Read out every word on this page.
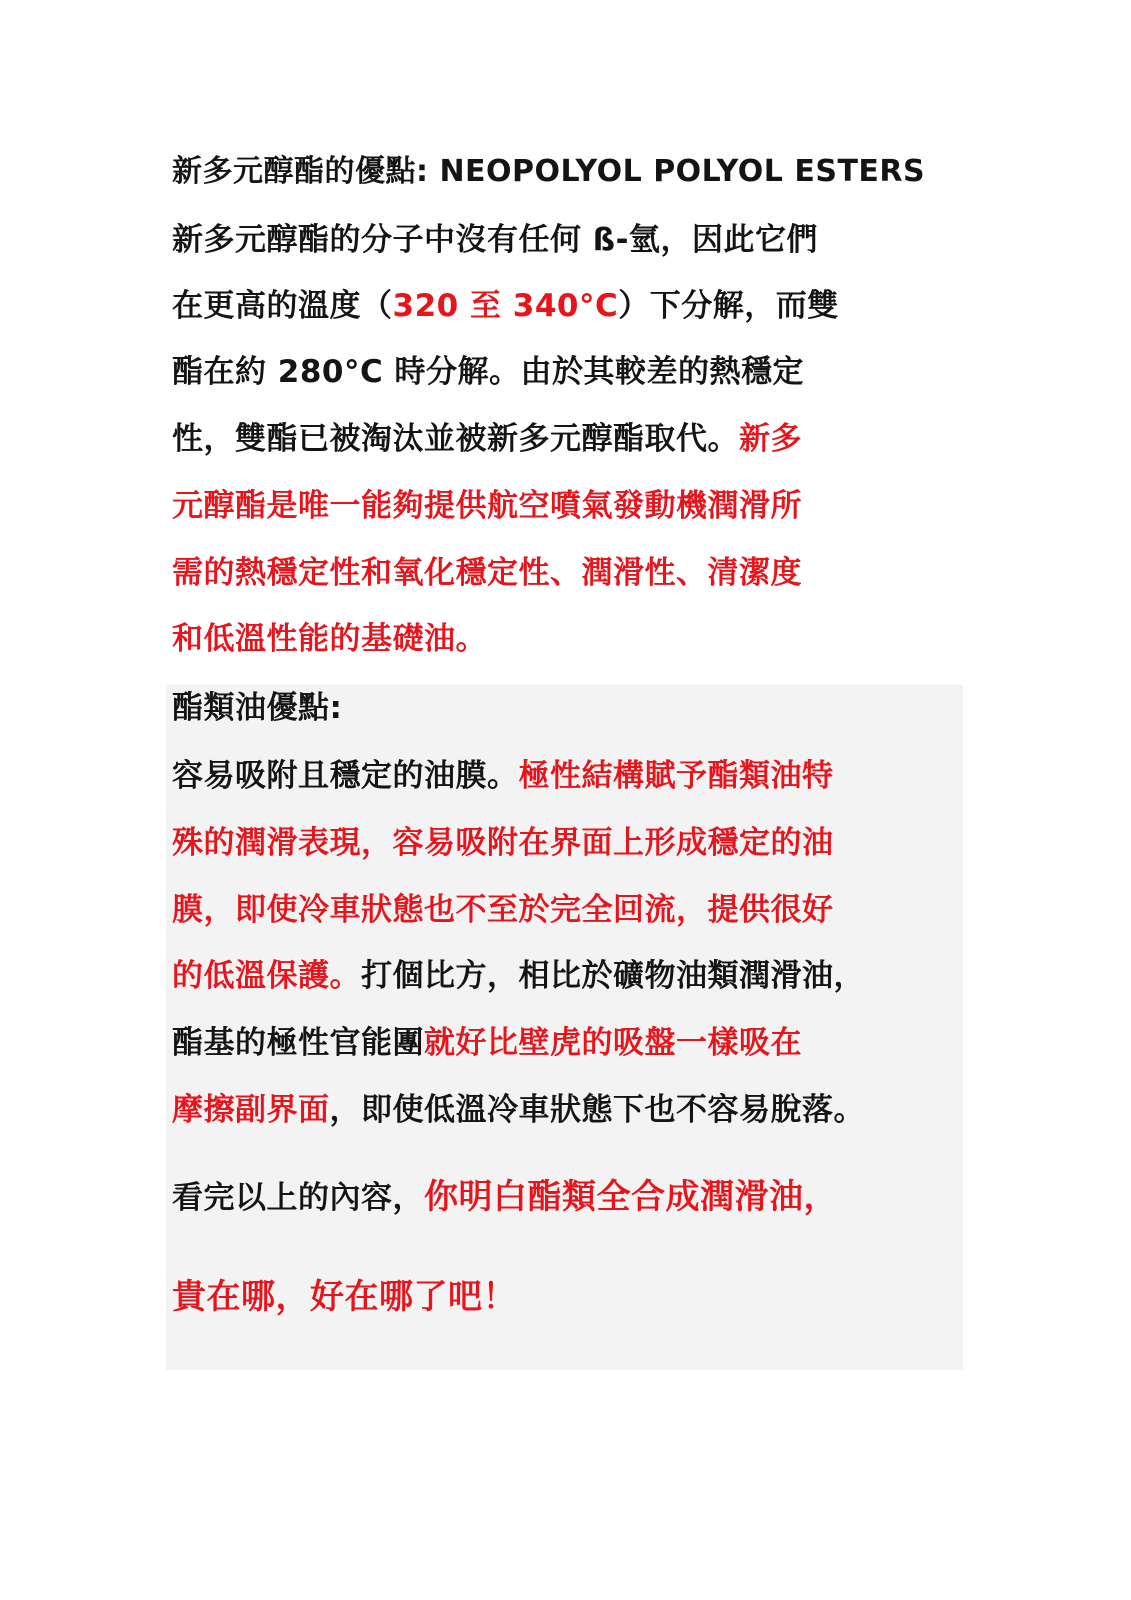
新多元醇酯的優點: NEOPOLYOL POLYOL ESTERS
新多元醇酯的分子中沒有任何 ß-氫，因此它們
在更高的溫度（320 至 340°C）下分解，而雙
酯在約 280°C 時分解。由於其較差的熱穩定
性，雙酯已被淘汰並被新多元醇酯取代。新多
元醇酯是唯一能夠提供航空噴氣發動機潤滑所
需的熱穩定性和氧化穩定性、潤滑性、清潔度
和低溫性能的基礎油。
酯類油優點:
容易吸附且穩定的油膜。極性結構賦予酯類油特
殊的潤滑表現，容易吸附在界面上形成穩定的油
膜，即使冷車狀態也不至於完全回流，提供很好
的低溫保護。打個比方，相比於礦物油類潤滑油，
酯基的極性官能團就好比壁虎的吸盤一樣吸在
摩擦副界面，即使低溫冷車狀態下也不容易脫落。
看完以上的內容，你明白酯類全合成潤滑油，
貴在哪，好在哪了吧！
